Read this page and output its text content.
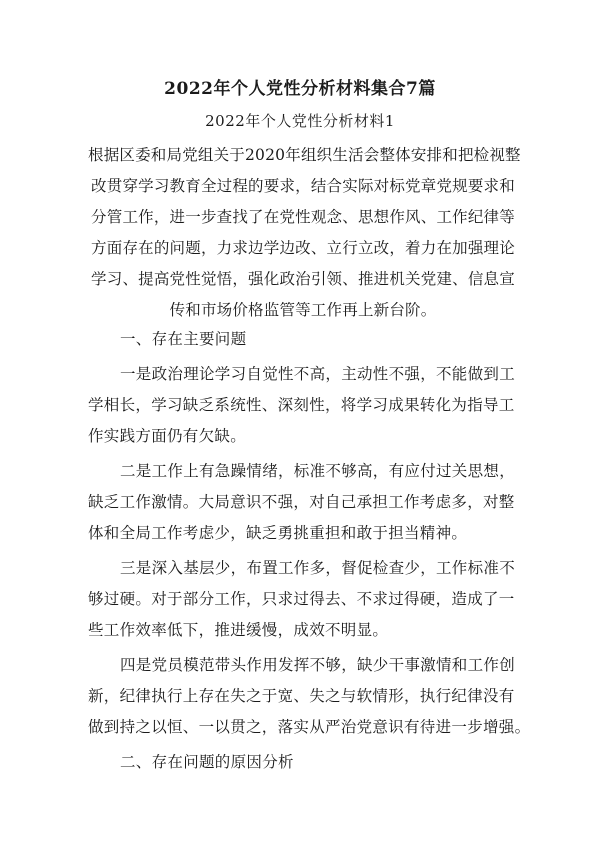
2022年个人党性分析材料集合7篇
2022年个人党性分析材料1
根据区委和局党组关于2020年组织生活会整体安排和把检视整
改贯穿学习教育全过程的要求，结合实际对标党章党规要求和
分管工作，进一步查找了在党性观念、思想作风、工作纪律等
方面存在的问题，力求边学边改、立行立改，着力在加强理论
学习、提高党性觉悟，强化政治引领、推进机关党建、信息宣
传和市场价格监管等工作再上新台阶。
一、存在主要问题
一是政治理论学习自觉性不高，主动性不强，不能做到工
学相长，学习缺乏系统性、深刻性，将学习成果转化为指导工
作实践方面仍有欠缺。
二是工作上有急躁情绪，标准不够高，有应付过关思想，
缺乏工作激情。大局意识不强，对自己承担工作考虑多，对整
体和全局工作考虑少，缺乏勇挑重担和敢于担当精神。
三是深入基层少，布置工作多，督促检查少，工作标准不
够过硬。对于部分工作，只求过得去、不求过得硬，造成了一
些工作效率低下，推进缓慢，成效不明显。
四是党员模范带头作用发挥不够，缺少干事激情和工作创
新，纪律执行上存在失之于宽、失之与软情形，执行纪律没有
做到持之以恒、一以贯之，落实从严治党意识有待进一步增强。
二、存在问题的原因分析
